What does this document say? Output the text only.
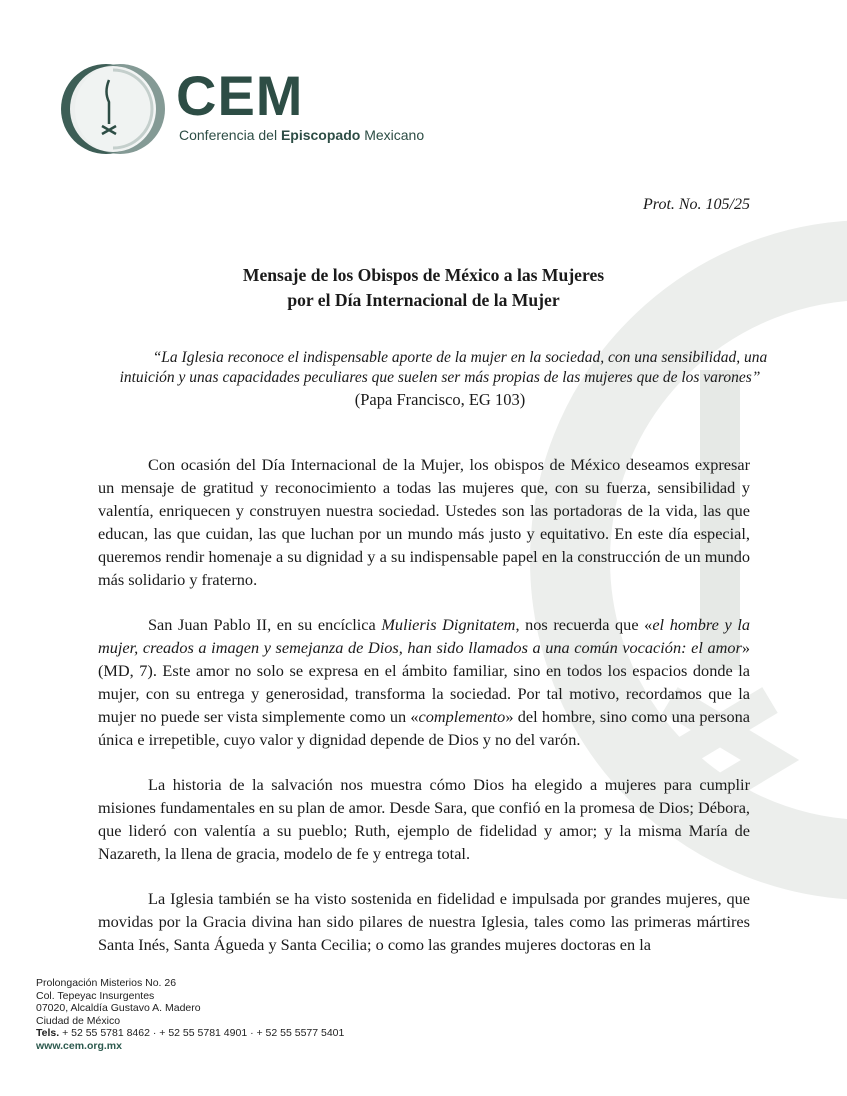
CEM
Conferencia del Episcopado Mexicano
Prot. No. 105/25
Mensaje de los Obispos de México a las Mujeres
por el Día Internacional de la Mujer
“La Iglesia reconoce el indispensable aporte de la mujer en la sociedad, con una sensibilidad, una
intuición y unas capacidades peculiares que suelen ser más propias de las mujeres que de los varones”
(Papa Francisco, EG 103)

Con ocasión del Día Internacional de la Mujer, los obispos de México deseamos expresar un mensaje de gratitud y reconocimiento a todas las mujeres que, con su fuerza, sensibilidad y valentía, enriquecen y construyen nuestra sociedad. Ustedes son las portadoras de la vida, las que educan, las que cuidan, las que luchan por un mundo más justo y equitativo. En este día especial, queremos rendir homenaje a su dignidad y a su indispensable papel en la construcción de un mundo más solidario y fraterno.

San Juan Pablo II, en su encíclica Mulieris Dignitatem, nos recuerda que «el hombre y la mujer, creados a imagen y semejanza de Dios, han sido llamados a una común vocación: el amor» (MD, 7). Este amor no solo se expresa en el ámbito familiar, sino en todos los espacios donde la mujer, con su entrega y generosidad, transforma la sociedad. Por tal motivo, recordamos que la mujer no puede ser vista simplemente como un «complemento» del hombre, sino como una persona única e irrepetible, cuyo valor y dignidad depende de Dios y no del varón.

La historia de la salvación nos muestra cómo Dios ha elegido a mujeres para cumplir misiones fundamentales en su plan de amor. Desde Sara, que confió en la promesa de Dios; Débora, que lideró con valentía a su pueblo; Ruth, ejemplo de fidelidad y amor; y la misma María de Nazareth, la llena de gracia, modelo de fe y entrega total.

La Iglesia también se ha visto sostenida en fidelidad e impulsada por grandes mujeres, que movidas por la Gracia divina han sido pilares de nuestra Iglesia, tales como las primeras mártires Santa Inés, Santa Águeda y Santa Cecilia; o como las grandes mujeres doctoras en la

Prolongación Misterios No. 26
Col. Tepeyac Insurgentes
07020, Alcaldía Gustavo A. Madero
Ciudad de México
Tels. + 52 55 5781 8462 · + 52 55 5781 4901 · + 52 55 5577 5401
www.cem.org.mx
